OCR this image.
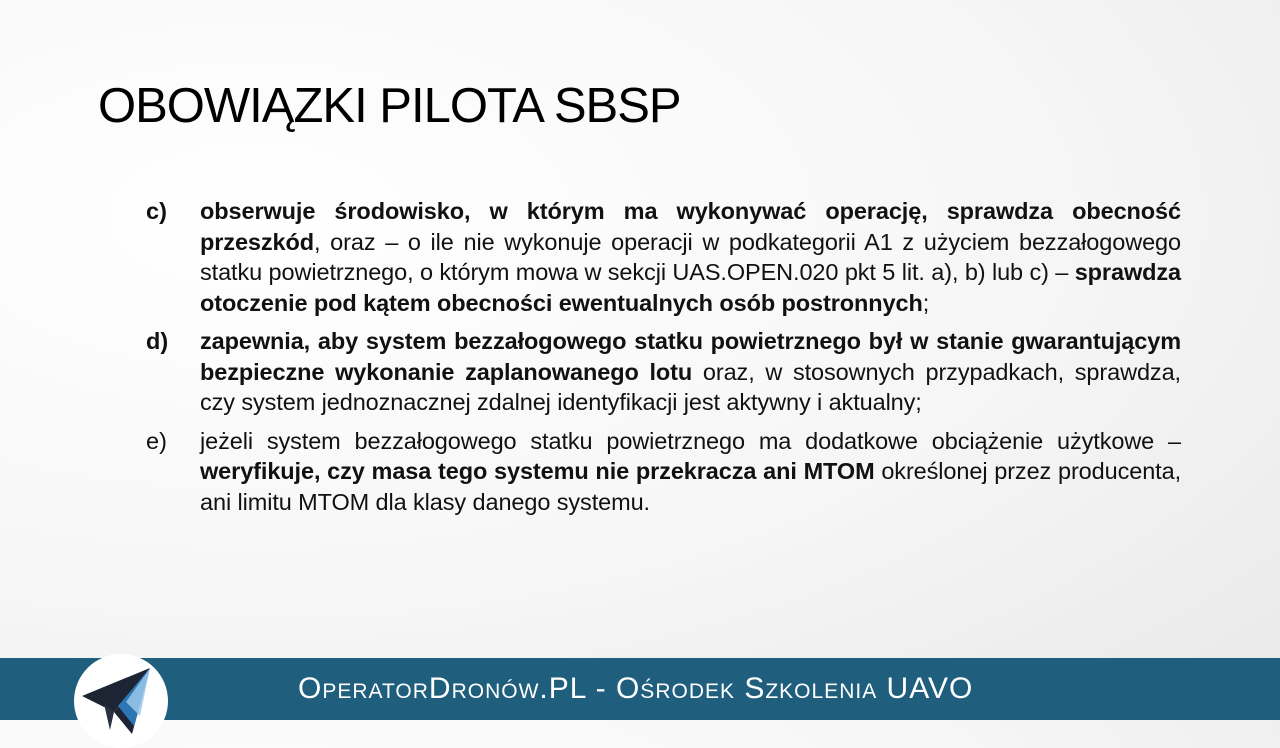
OBOWIĄZKI PILOTA SBSP
c)	obserwuje środowisko, w którym ma wykonywać operację, sprawdza obecność przeszkód, oraz – o ile nie wykonuje operacji w podkategorii A1 z użyciem bezzałogowego statku powietrznego, o którym mowa w sekcji UAS.OPEN.020 pkt 5 lit. a), b) lub c) – sprawdza otoczenie pod kątem obecności ewentualnych osób postronnych;
d)	zapewnia, aby system bezzałogowego statku powietrznego był w stanie gwarantującym bezpieczne wykonanie zaplanowanego lotu oraz, w stosownych przypadkach, sprawdza, czy system jednoznacznej zdalnej identyfikacji jest aktywny i aktualny;
e)	jeżeli system bezzałogowego statku powietrznego ma dodatkowe obciążenie użytkowe – weryfikuje, czy masa tego systemu nie przekracza ani MTOM określonej przez producenta, ani limitu MTOM dla klasy danego systemu.
OperatorDronów.PL - Ośrodek Szkolenia UAVO
